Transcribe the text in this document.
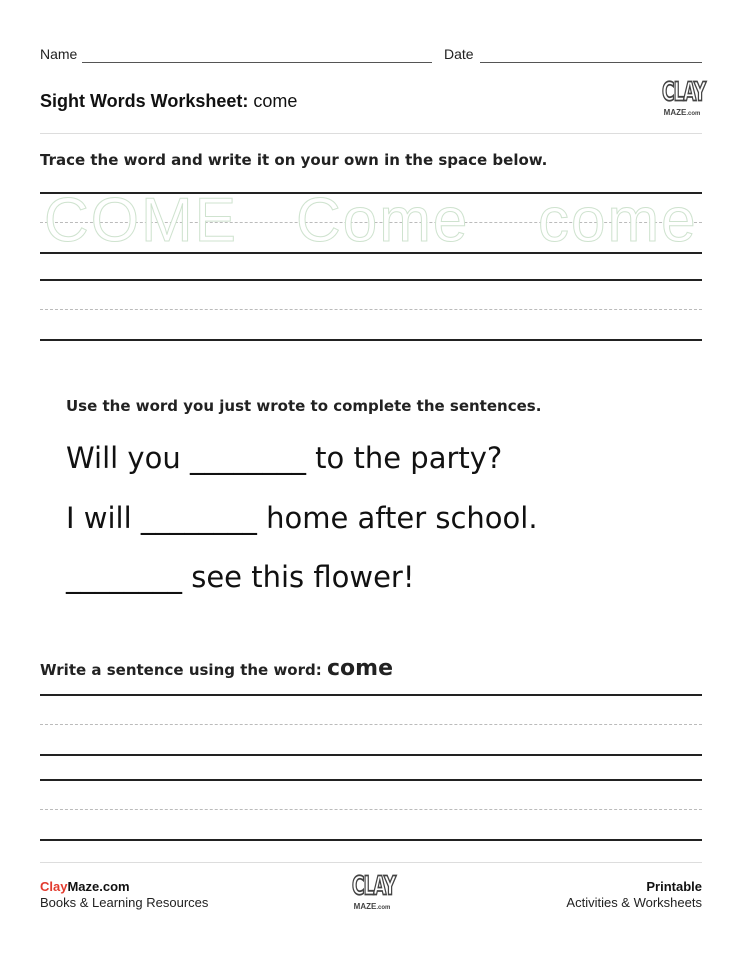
Name	Date
Sight Words Worksheet: come	CLAY
MAZE.com
Trace the word and write it on your own in the space below.
COME Come come
Use the word you just wrote to complete the sentences.
Will you ________ to the party?
I will ________ home after school.
________ see this flower!
Write a sentence using the word: come
ClayMaze.com
Books & Learning Resources
CLAY
MAZE.com
Printable
Activities & Worksheets
